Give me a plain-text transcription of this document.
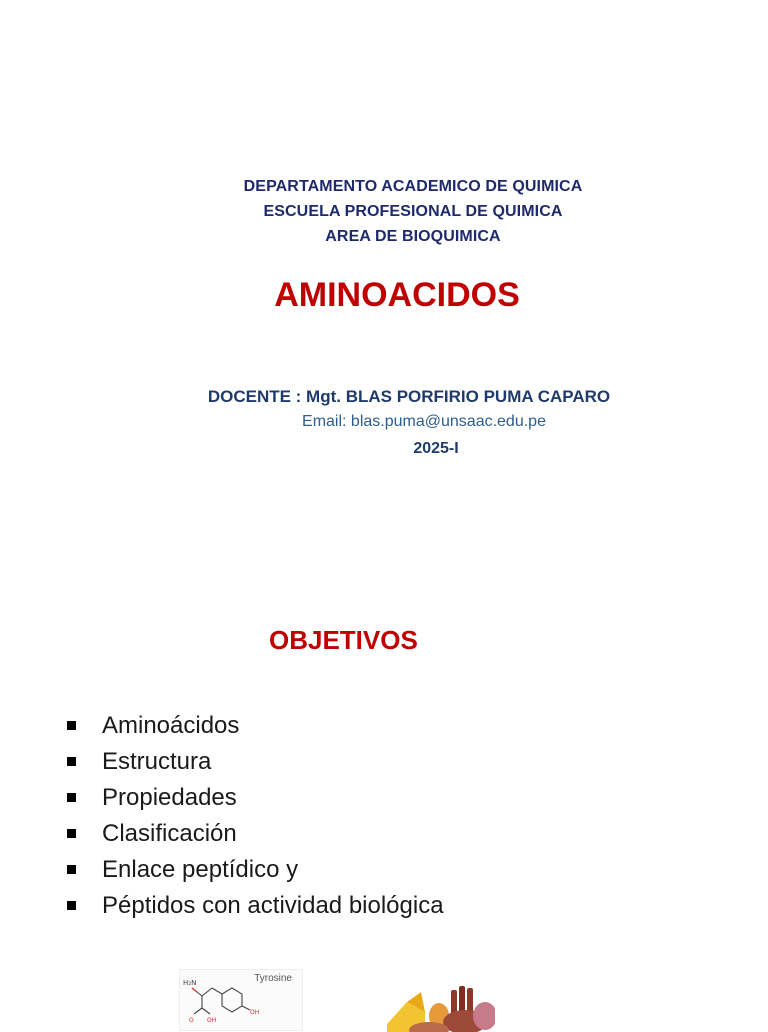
DEPARTAMENTO ACADEMICO DE QUIMICA
ESCUELA PROFESIONAL DE QUIMICA
AREA DE BIOQUIMICA
AMINOACIDOS
DOCENTE : Mgt. BLAS PORFIRIO PUMA CAPARO
Email: blas.puma@unsaac.edu.pe
2025-I
OBJETIVOS
Aminoácidos
Estructura
Propiedades
Clasificación
Enlace peptídico y
Péptidos con actividad biológica
Tyrosine
H₂N
O OH
OH
